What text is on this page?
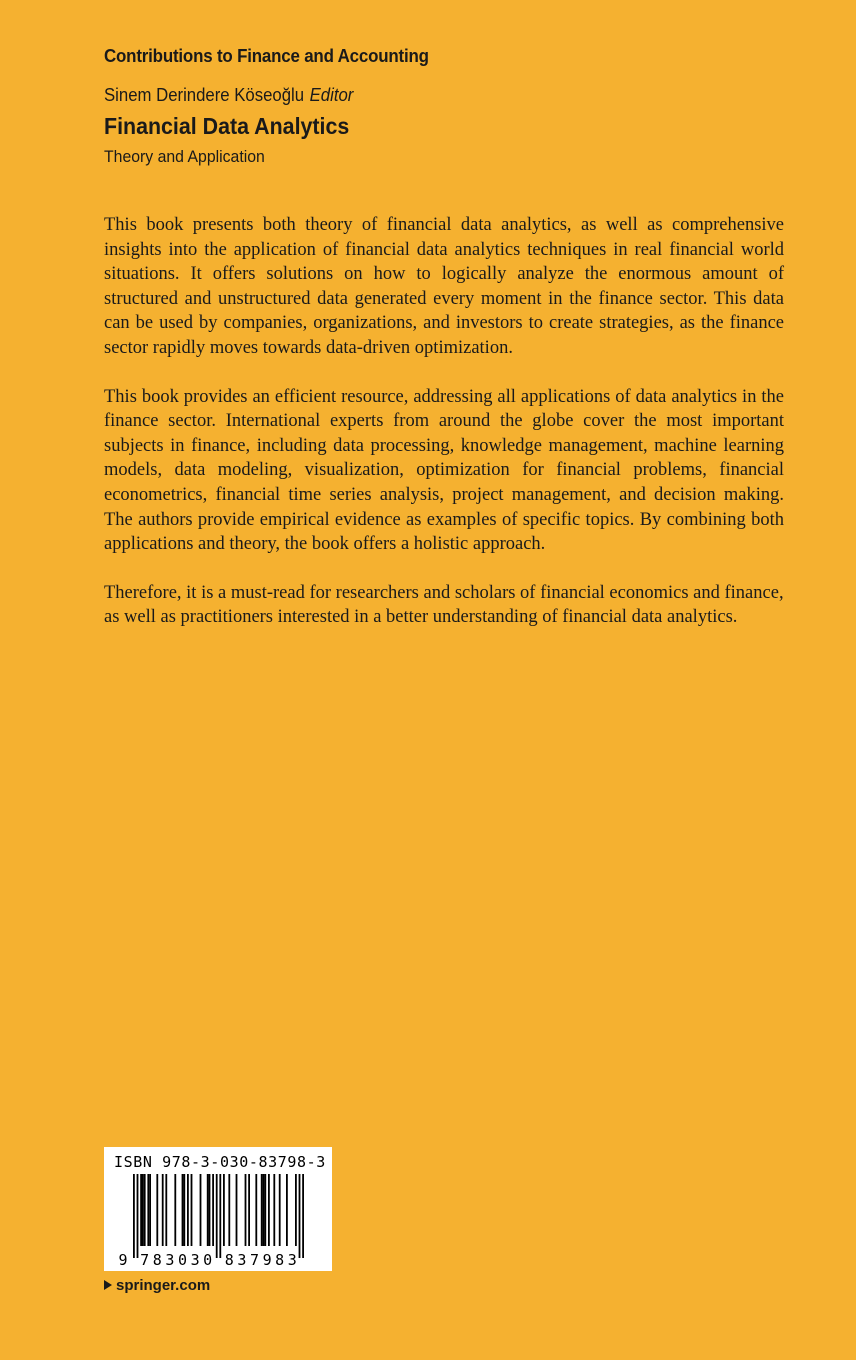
Contributions to Finance and Accounting
Sinem Derindere Köseoğlu Editor
Financial Data Analytics
Theory and Application

This book presents both theory of financial data analytics, as well as comprehensive insights into the application of financial data analytics techniques in real financial world situations. It offers solutions on how to logically analyze the enormous amount of structured and unstructured data generated every moment in the finance sector. This data can be used by companies, organizations, and investors to create strategies, as the finance sector rapidly moves towards data-driven optimization.

This book provides an efficient resource, addressing all applications of data analytics in the finance sector. International experts from around the globe cover the most important subjects in finance, including data processing, knowledge management, machine learning models, data modeling, visualization, optimization for financial problems, financial econometrics, financial time series analysis, project management, and decision making. The authors provide empirical evidence as examples of specific topics. By combining both applications and theory, the book offers a holistic approach.

Therefore, it is a must-read for researchers and scholars of financial economics and finance, as well as practitioners interested in a better understanding of financial data analytics.

ISBN 978-3-030-83798-3
9 7 8 3 0 3 0 8 3 7 9 8 3
springer.com
